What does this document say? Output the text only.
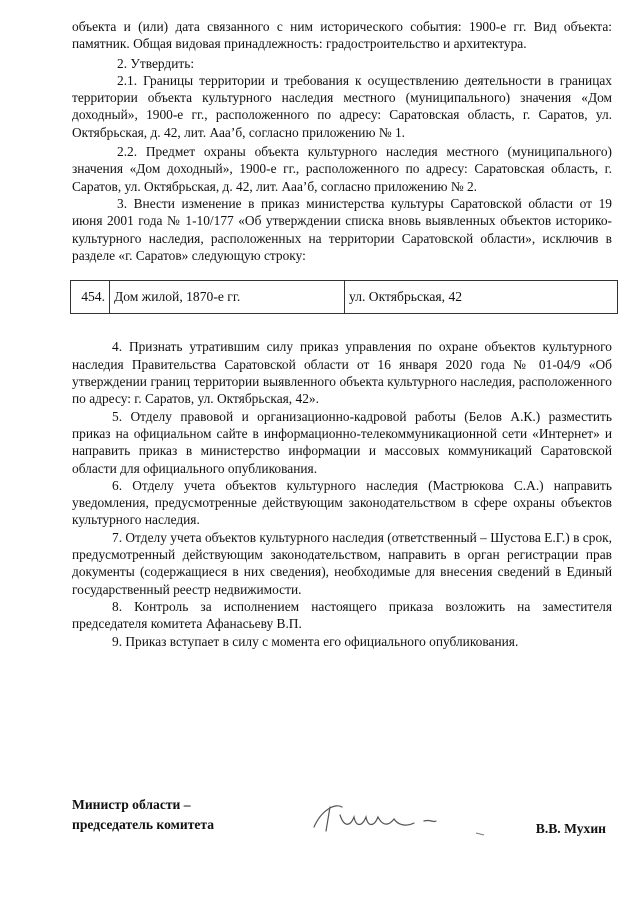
объекта и (или) дата связанного с ним исторического события: 1900-е гг. Вид объекта: памятник. Общая видовая принадлежность: градостроительство и архитектура.

2. Утвердить:

2.1. Границы территории и требования к осуществлению деятельности в границах территории объекта культурного наследия местного (муниципального) значения «Дом доходный», 1900-е гг., расположенного по адресу: Саратовская область, г. Саратов, ул. Октябрьская, д. 42, лит. Ааа’б, согласно приложению № 1.

2.2. Предмет охраны объекта культурного наследия местного (муниципального) значения «Дом доходный», 1900-е гг., расположенного по адресу: Саратовская область, г. Саратов, ул. Октябрьская, д. 42, лит. Ааа’б, согласно приложению № 2.

3. Внести изменение в приказ министерства культуры Саратовской области от 19 июня 2001 года № 1-10/177 «Об утверждении списка вновь выявленных объектов историко-культурного наследия, расположенных на территории Саратовской области», исключив в разделе «г. Саратов» следующую строку:

454.	Дом жилой, 1870-е гг.	ул. Октябрьская, 42

4. Признать утратившим силу приказ управления по охране объектов культурного наследия Правительства Саратовской области от 16 января 2020 года № 01-04/9 «Об утверждении границ территории выявленного объекта культурного наследия, расположенного по адресу: г. Саратов, ул. Октябрьская, 42».

5. Отделу правовой и организационно-кадровой работы (Белов А.К.) разместить приказ на официальном сайте в информационно-телекоммуникационной сети «Интернет» и направить приказ в министерство информации и массовых коммуникаций Саратовской области для официального опубликования.

6. Отделу учета объектов культурного наследия (Мастрюкова С.А.) направить уведомления, предусмотренные действующим законодательством в сфере охраны объектов культурного наследия.

7. Отделу учета объектов культурного наследия (ответственный – Шустова Е.Г.) в срок, предусмотренный действующим законодательством, направить в орган регистрации прав документы (содержащиеся в них сведения), необходимые для внесения сведений в Единый государственный реестр недвижимости.

8. Контроль за исполнением настоящего приказа возложить на заместителя председателя комитета Афанасьеву В.П.

9. Приказ вступает в силу с момента его официального опубликования.

Министр области –
председатель комитета	В.В. Мухин
